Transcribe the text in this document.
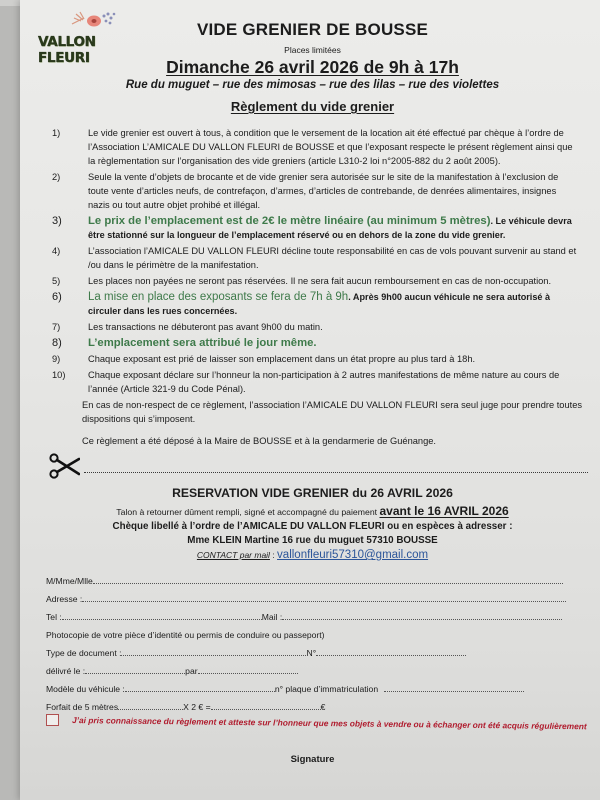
VALLON FLEURI
VIDE GRENIER DE BOUSSE
Places limitées
Dimanche 26 avril 2026 de 9h à 17h
Rue du muguet – rue des mimosas – rue des lilas – rue des violettes
Règlement du vide grenier
1)	Le vide grenier est ouvert à tous, à condition que le versement de la location ait été effectué par chèque à l’ordre de l’Association L’AMICALE DU VALLON FLEURI de BOUSSE et que l’exposant respecte le présent règlement ainsi que la règlementation sur l’organisation des vide greniers (article L310-2 loi n°2005-882 du 2 août 2005).
2)	Seule la vente d’objets de brocante et de vide grenier sera autorisée sur le site de la manifestation à l’exclusion de toute vente d’articles neufs, de contrefaçon, d’armes, d’articles de contrebande, de denrées alimentaires, insignes nazis ou tout autre objet prohibé et illégal.
3)	Le prix de l’emplacement est de 2€ le mètre linéaire (au minimum 5 mètres). Le véhicule devra être stationné sur la longueur de l’emplacement réservé ou en dehors de la zone du vide grenier.
4)	L’association l’AMICALE DU VALLON FLEURI décline toute responsabilité en cas de vols pouvant survenir au stand et /ou dans le périmètre de la manifestation.
5)	Les places non payées ne seront pas réservées. Il ne sera fait aucun remboursement en cas de non-occupation.
6)	La mise en place des exposants se fera de 7h à 9h. Après 9h00 aucun véhicule ne sera autorisé à circuler dans les rues concernées.
7)	Les transactions ne débuteront pas avant 9h00 du matin.
8)	L’emplacement sera attribué le jour même.
9)	Chaque exposant est prié de laisser son emplacement dans un état propre au plus tard à 18h.
10)	Chaque exposant déclare sur l’honneur la non-participation à 2 autres manifestations de même nature au cours de l’année (Article 321-9 du Code Pénal).
En cas de non-respect de ce règlement, l’association l’AMICALE DU VALLON FLEURI sera seul juge pour prendre toutes dispositions qui s’imposent.
Ce règlement a été déposé à la Maire de BOUSSE et à la gendarmerie de Guénange.
RESERVATION VIDE GRENIER du 26 AVRIL 2026
Talon à retourner dûment rempli, signé et accompagné du paiement avant le 16 AVRIL 2026
Chèque libellé à l’ordre de l’AMICALE DU VALLON FLEURI ou en espèces à adresser :
Mme KLEIN Martine 16 rue du muguet 57310 BOUSSE
CONTACT par mail : vallonfleuri57310@gmail.com
M/Mme/Mlle
Adresse :
Tel :	Mail :
Photocopie de votre pièce d’identité ou permis de conduire ou passeport)
Type de document :	N°
délivré le :	par
Modèle du véhicule :	n° plaque d’immatriculation
Forfait de 5 mètres	X 2 € =	€
J’ai pris connaissance du règlement et atteste sur l’honneur que mes objets à vendre ou à échanger ont été acquis régulièrement
Signature
